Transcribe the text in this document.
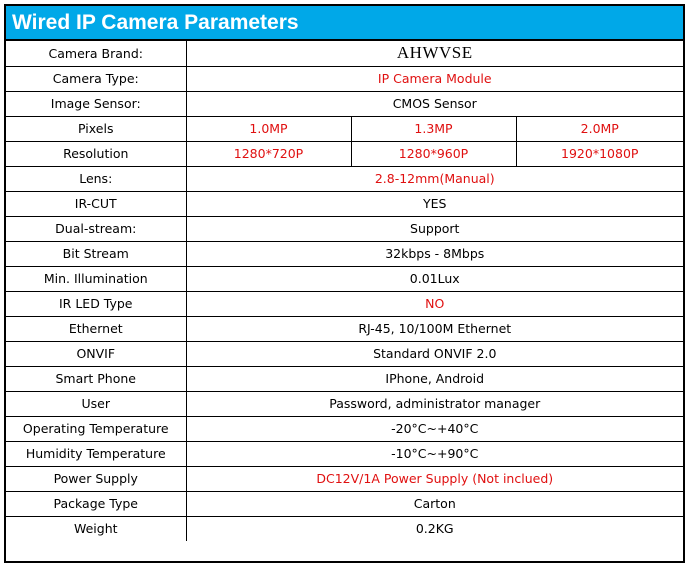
Wired IP Camera Parameters
Camera Brand:	AHWVSE		
Camera Type:	IP Camera Module		
Image Sensor:	CMOS Sensor		
Pixels	1.0MP	1.3MP	2.0MP
Resolution	1280*720P	1280*960P	1920*1080P
Lens:	2.8-12mm(Manual)		
IR-CUT	YES		
Dual-stream:	Support		
Bit Stream	32kbps - 8Mbps		
Min. Illumination	0.01Lux		
IR LED Type	NO		
Ethernet	RJ-45, 10/100M Ethernet		
ONVIF	Standard ONVIF 2.0		
Smart Phone	IPhone, Android		
User	Password, administrator manager		
Operating Temperature	-20°C~+40°C		
Humidity Temperature	-10°C~+90°C		
Power Supply	DC12V/1A Power Supply (Not inclued)		
Package Type	Carton		
Weight	0.2KG		
